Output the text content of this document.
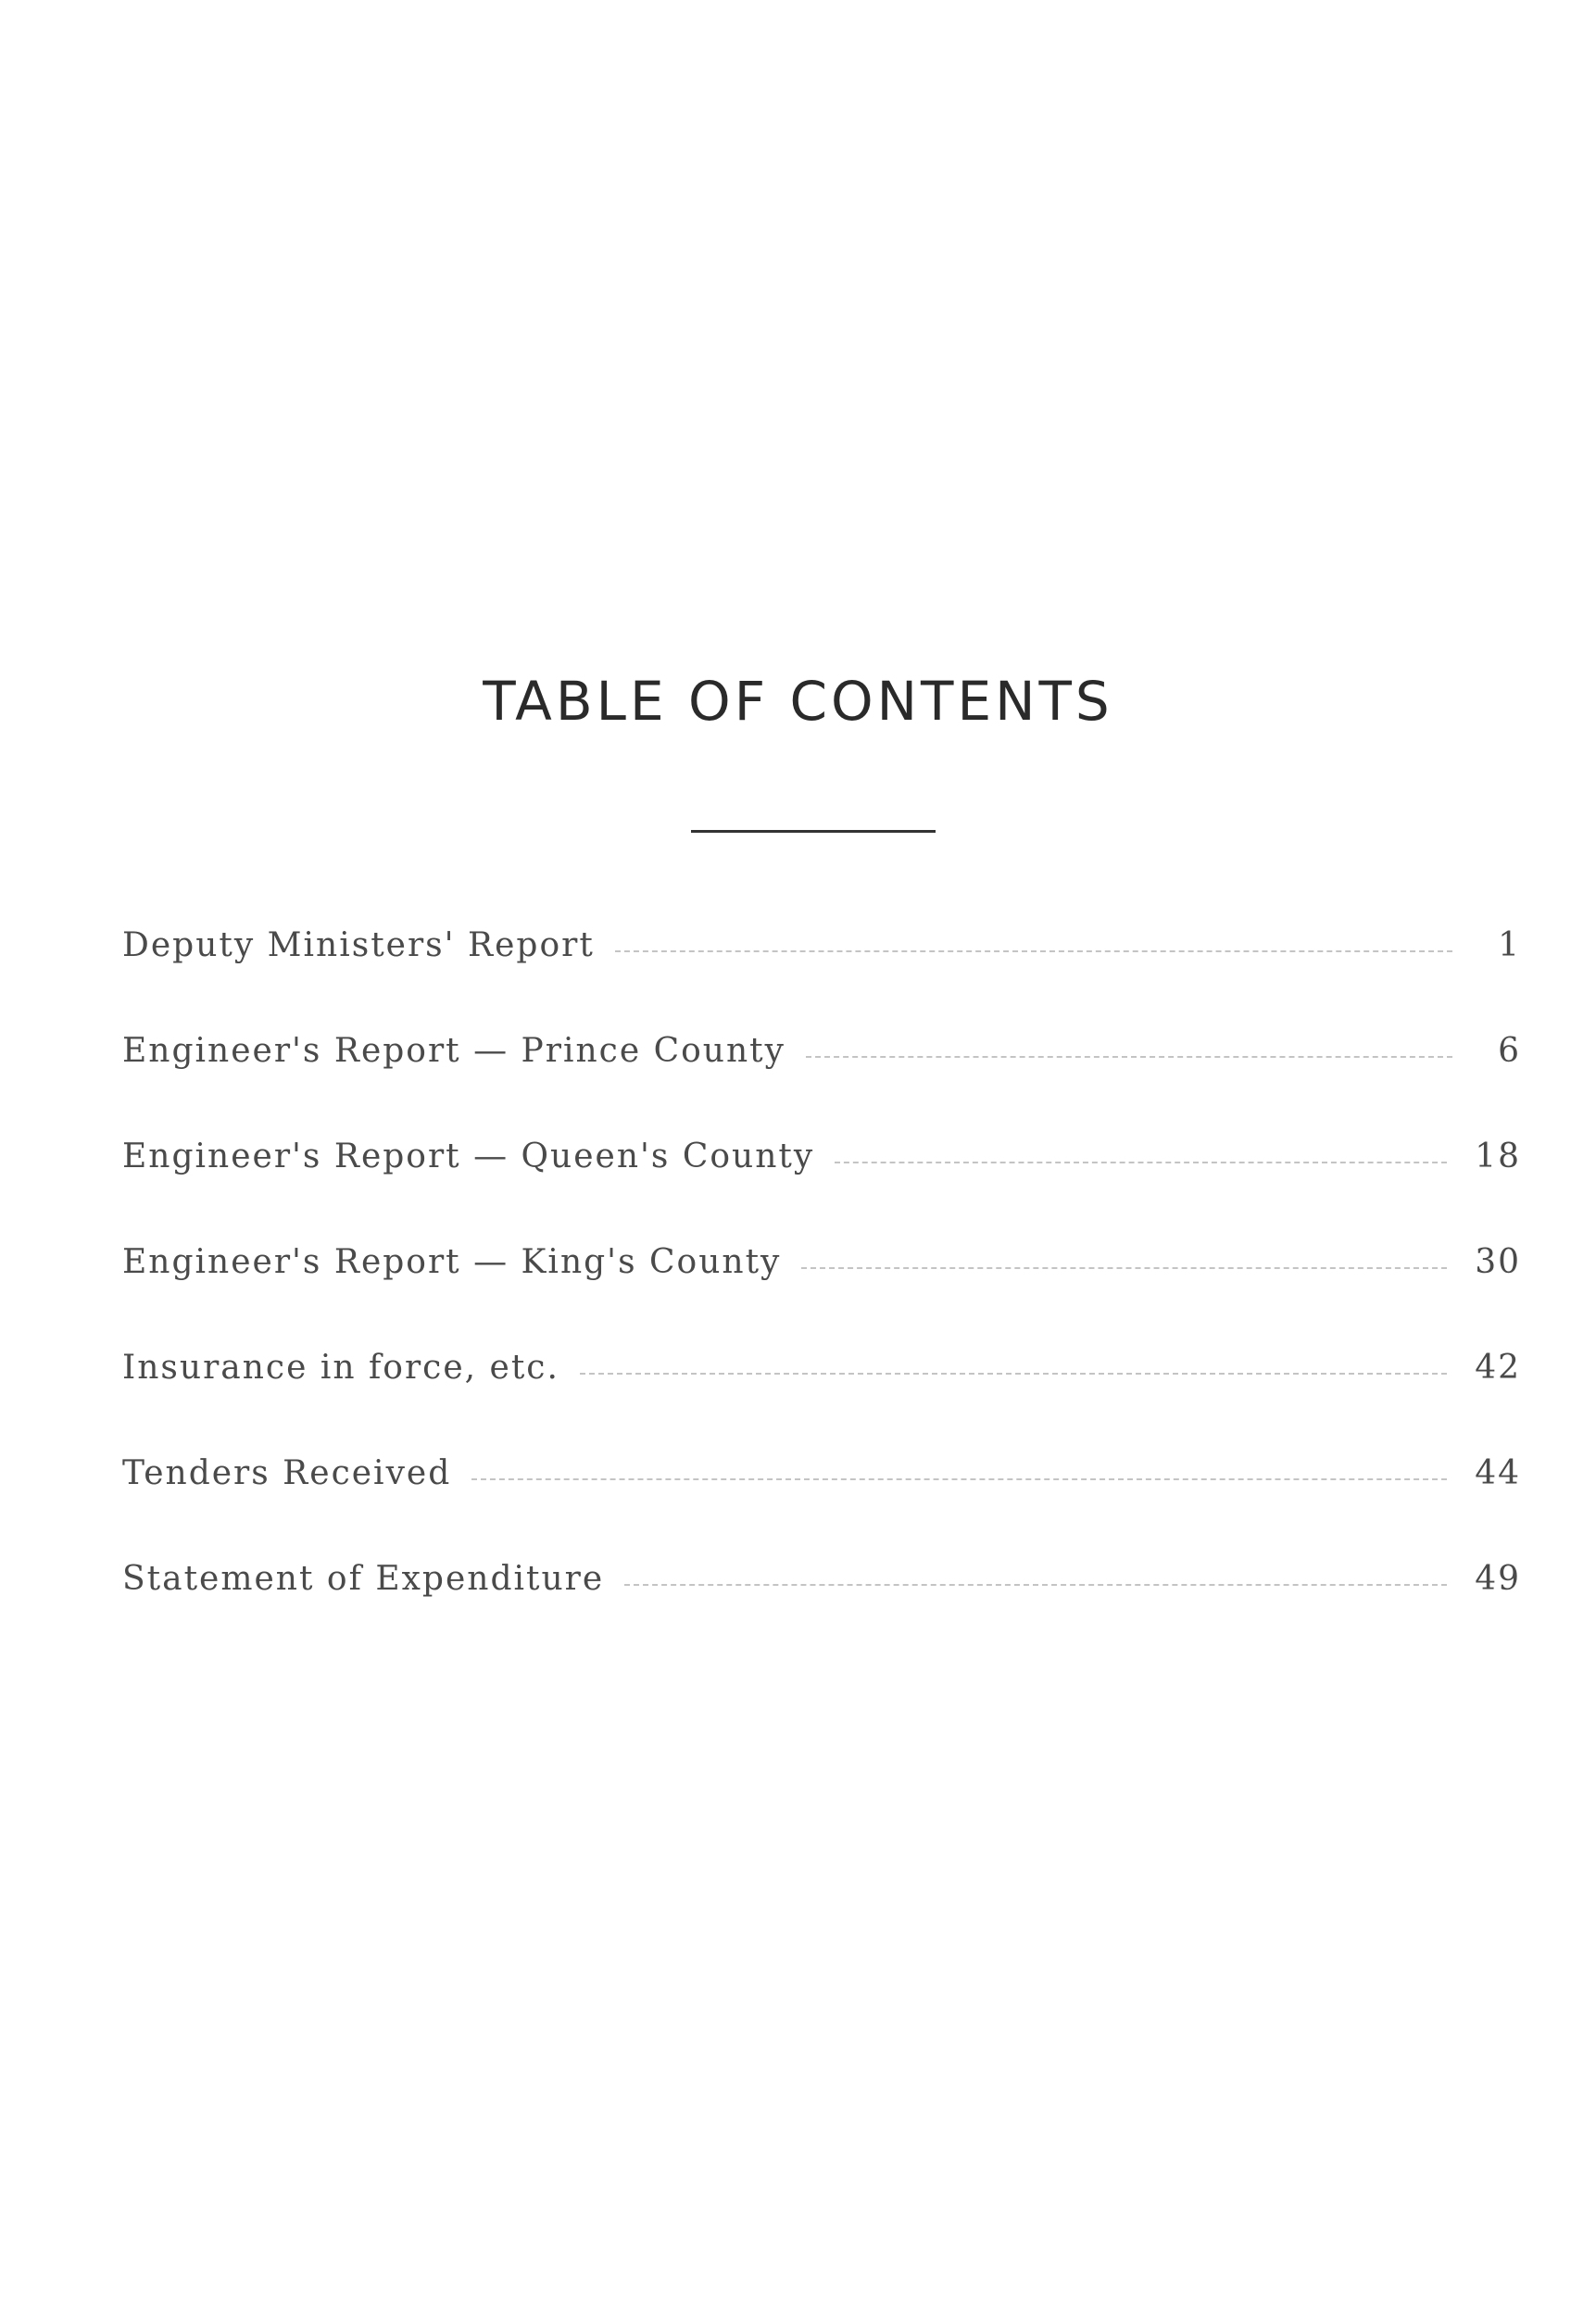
TABLE OF CONTENTS
Deputy Ministers' Report	1
Engineer's Report — Prince County	6
Engineer's Report — Queen's County	18
Engineer's Report — King's County	30
Insurance in force, etc.	42
Tenders Received	44
Statement of Expenditure	49
